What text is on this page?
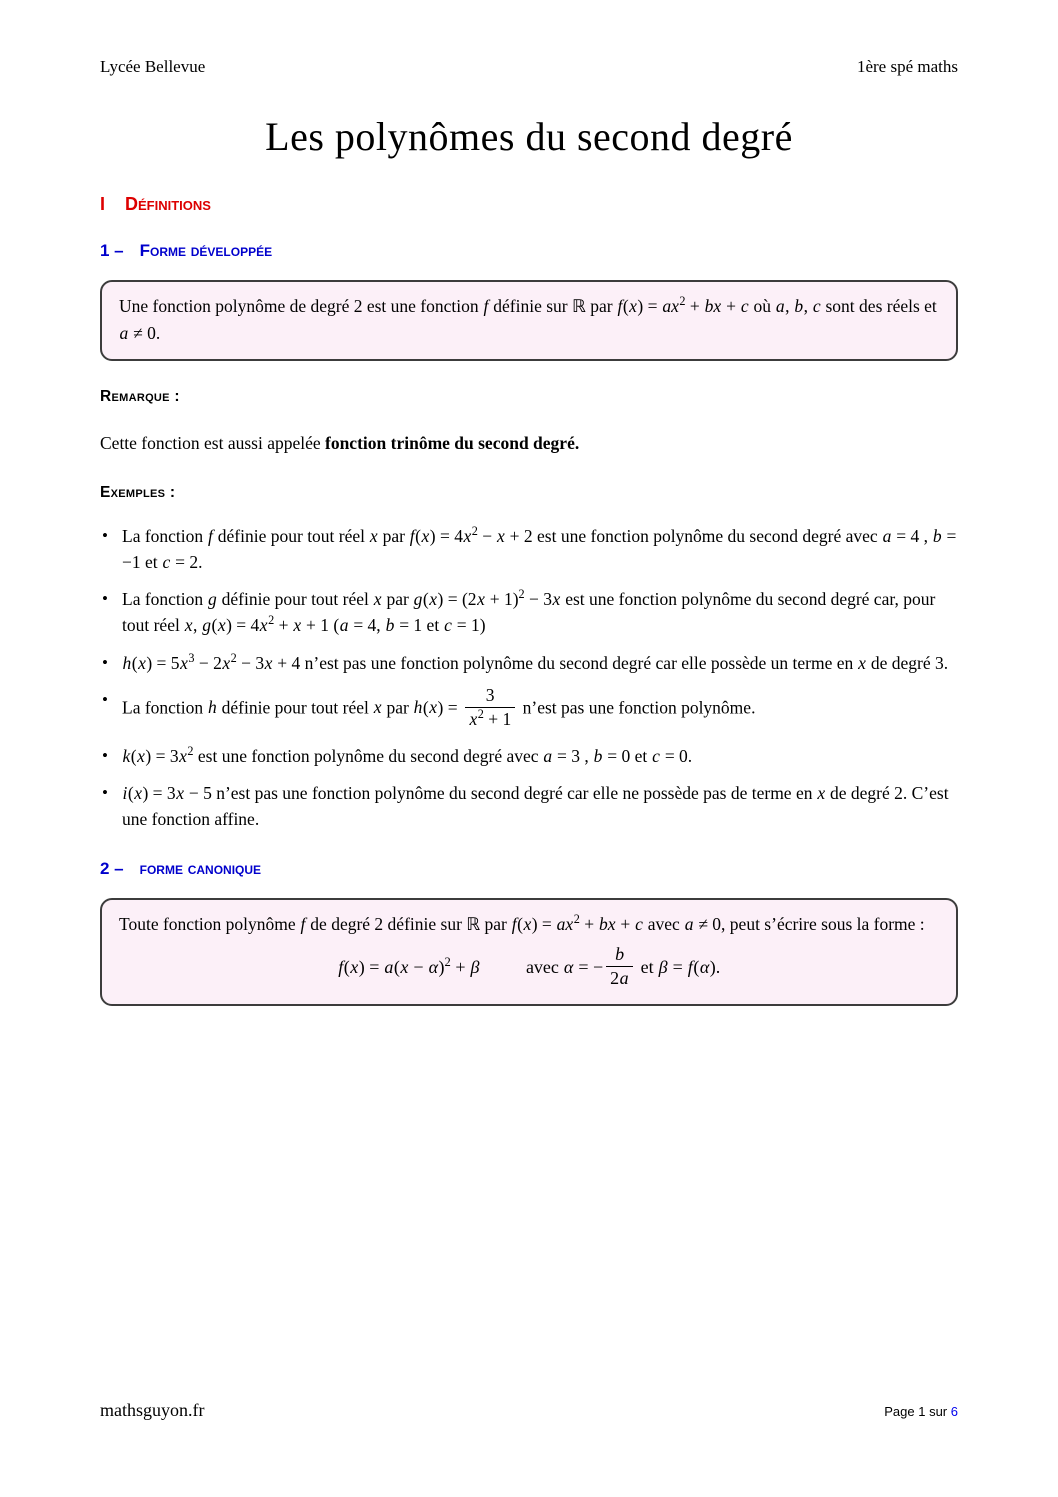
Lycée Bellevue	1ère spé maths
Les polynômes du second degré
I Définitions
1 – Forme développée
Une fonction polynôme de degré 2 est une fonction f définie sur ℝ par $f(x) = ax^2$ + bx + c où a, b, c sont des réels et a ≠ 0.
Remarque :

Cette fonction est aussi appelée fonction trinôme du second degré.

Exemples :
• La fonction f définie pour tout réel x par $f(x) = 4x^2 - x + 2$ est une fonction polynôme du second degré avec a = 4 , b = −1 et c = 2.
• La fonction g définie pour tout réel x par $g(x) = (2x + 1)^2 - 3x$ est une fonction polynôme du second degré car, pour tout réel x, $g(x) = 4x^2 + x + 1$ (a = 4, b = 1 et c = 1)
• $h(x) = 5x^3 - 2x^2 - 3x + 4$ n’est pas une fonction polynôme du second degré car elle possède un terme en x de degré 3.
• La fonction h définie pour tout réel x par $h(x) = \frac{3}{x^2 + 1}$ n’est pas une fonction polynôme.
• $k(x) = 3x^2$ est une fonction polynôme du second degré avec a = 3 , b = 0 et c = 0.
• i(x) = 3x − 5 n’est pas une fonction polynôme du second degré car elle ne possède pas de terme en x de degré 2. C’est une fonction affine.
2 – forme canonique
Toute fonction polynôme f de degré 2 définie sur ℝ par $f(x) = ax^2$ + bx + c avec a ≠ 0, peut s’écrire sous la forme :
$f(x) = a(x - \alpha)^2 + \beta$	avec α = − $\frac{b}{2a}$ et β = f(α).
mathsguyon.fr	Page 1 sur 6
